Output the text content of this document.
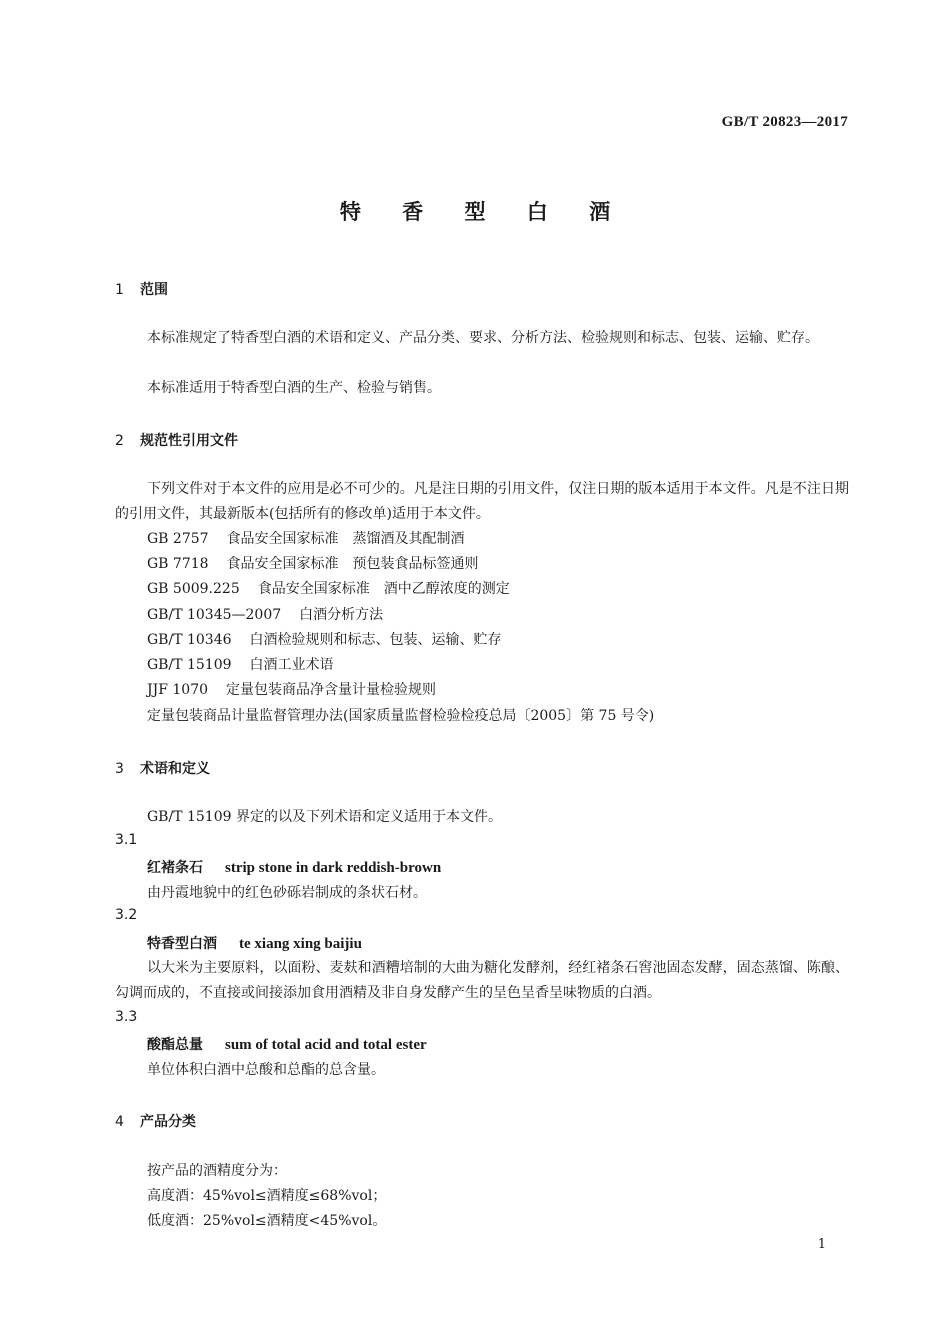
GB/T 20823—2017
特 香 型 白 酒
1 范围
本标准规定了特香型白酒的术语和定义、产品分类、要求、分析方法、检验规则和标志、包装、运输、贮存。
本标准适用于特香型白酒的生产、检验与销售。
2 规范性引用文件
下列文件对于本文件的应用是必不可少的。凡是注日期的引用文件，仅注日期的版本适用于本文件。凡是不注日期的引用文件，其最新版本(包括所有的修改单)适用于本文件。
GB 2757 食品安全国家标准　蒸馏酒及其配制酒
GB 7718 食品安全国家标准　预包装食品标签通则
GB 5009.225 食品安全国家标准　酒中乙醇浓度的测定
GB/T 10345—2007 白酒分析方法
GB/T 10346 白酒检验规则和标志、包装、运输、贮存
GB/T 15109 白酒工业术语
JJF 1070 定量包装商品净含量计量检验规则
定量包装商品计量监督管理办法(国家质量监督检验检疫总局〔2005〕第 75 号令)
3 术语和定义
GB/T 15109 界定的以及下列术语和定义适用于本文件。
3.1
红褚条石 strip stone in dark reddish-brown
由丹霞地貌中的红色砂砾岩制成的条状石材。
3.2
特香型白酒 te xiang xing baijiu
以大米为主要原料，以面粉、麦麸和酒糟培制的大曲为糖化发酵剂，经红褚条石窖池固态发酵，固态蒸馏、陈酿、勾调而成的，不直接或间接添加食用酒精及非自身发酵产生的呈色呈香呈味物质的白酒。
3.3
酸酯总量 sum of total acid and total ester
单位体积白酒中总酸和总酯的总含量。
4 产品分类
按产品的酒精度分为：
高度酒：45%vol≤酒精度≤68%vol；
低度酒：25%vol≤酒精度<45%vol。
1
